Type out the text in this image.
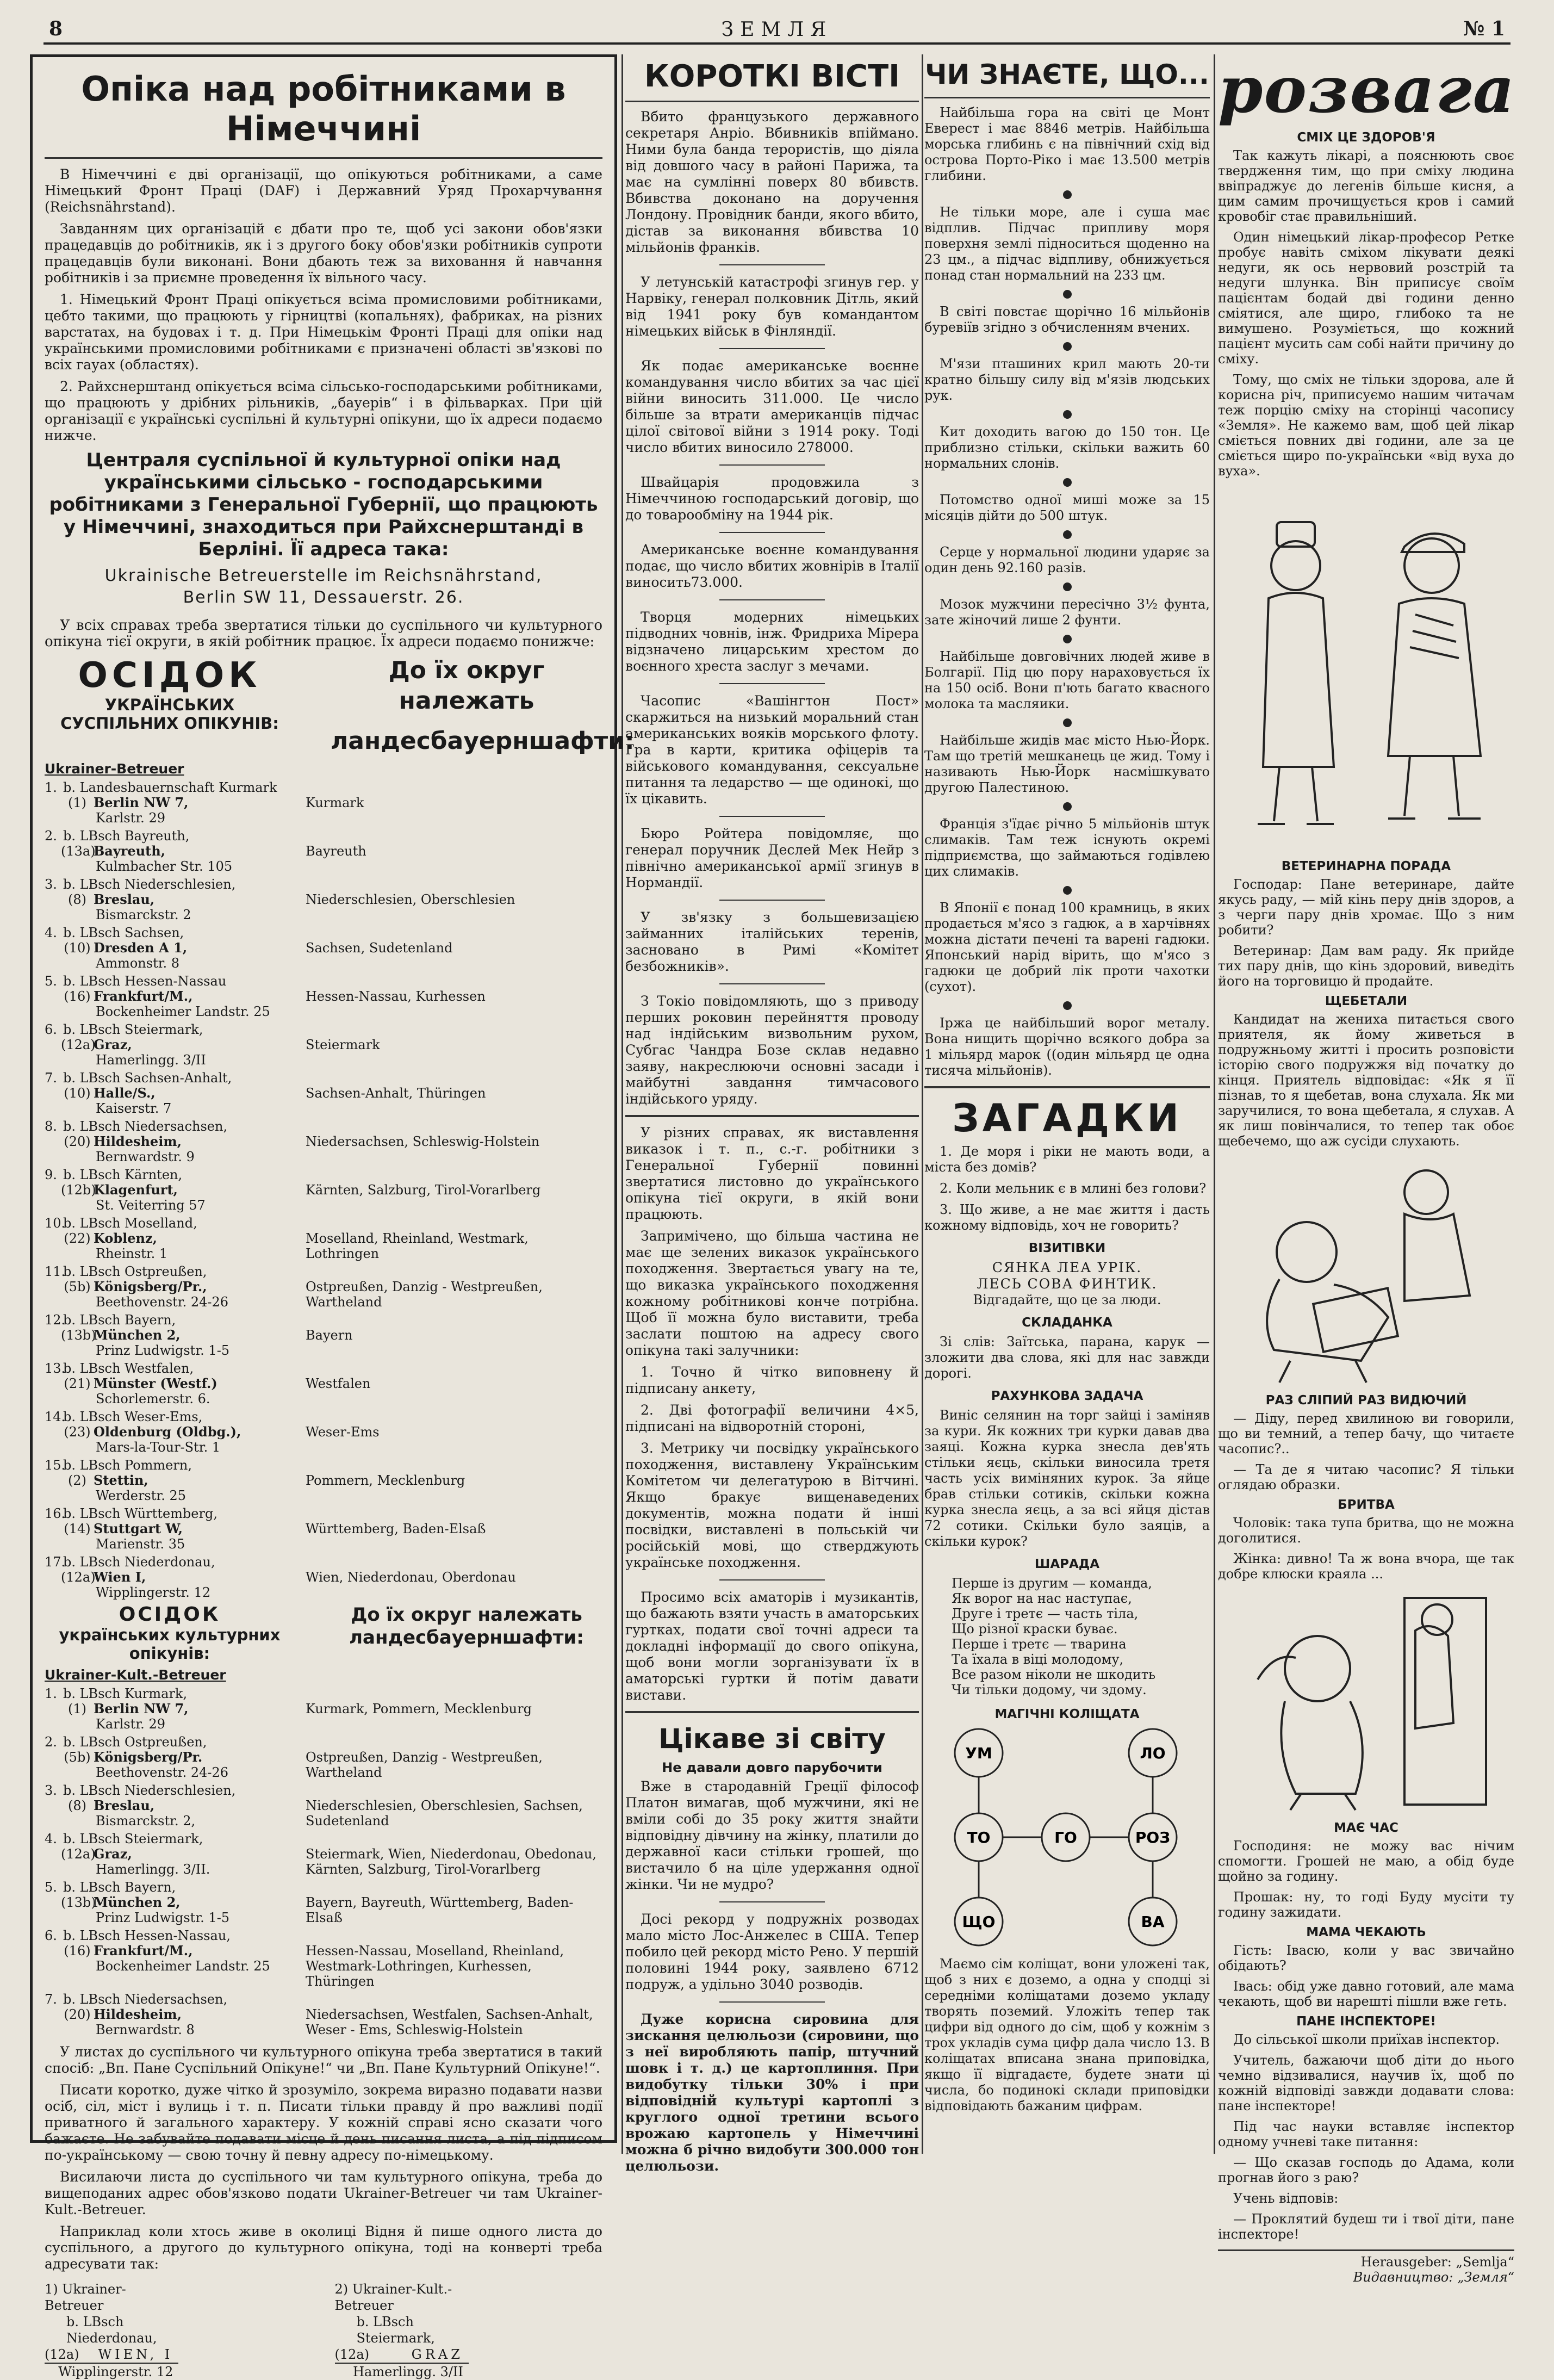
8	ЗЕМЛЯ	№ 1
Опіка над робітниками в Німеччині

В Німеччині є дві організації, що опікуються робітниками, а саме Німецький Фронт Праці (DAF) і Державний Уряд Прохарчування (Reichsnährstand).

Завданням цих організацій є дбати про те, щоб усі закони обов'язки працедавців до робітників, як і з другого боку обов'язки робітників супроти працедавців були виконані. Вони дбають теж за виховання й навчання робітників і за приємне проведення їх вільного часу.

1. Німецький Фронт Праці опікується всіма промисловими робітниками, цебто такими, що працюють у гірництві (копальнях), фабриках, на різних варстатах, на будовах і т. д. При Німецькім Фронті Праці для опіки над українськими промисловими робітниками є призначені області зв'язкові по всіх гауах (областях).

2. Райхснерштанд опікується всіма сільсько-господарськими робітниками, що працюють у дрібних рільників, „бауерів“ і в фільварках. При цій організації є українські суспільні й культурні опікуни, що їх адреси подаємо нижче.

Централя суспільної й культурної опіки над українськими сільсько - господарськими робітниками з Генеральної Губернії, що працюють у Німеччині, знаходиться при Райхснерштанді в Берліні. Її адреса така:
Ukrainische Betreuerstelle im Reichsnährstand,
Berlin SW 11, Dessauerstr. 26.

У всіх справах треба звертатися тільки до суспільного чи культурного опікуна тієї округи, в якій робітник працює. Їх адреси подаємо понижче:

ОСІДОК
УКРАЇНСЬКИХ СУСПІЛЬНИХ ОПІКУНІВ:
До їх округ належать
ландесбауерншафти:
Ukrainer-Betreuer
1. b. Landesbauernschaft Kurmark
(1) Berlin NW 7,
Karlstr. 29
Kurmark
2. b. LBsch Bayreuth,
(13a)Bayreuth,
Kulmbacher Str. 105
Bayreuth
3. b. LBsch Niederschlesien,
(8) Breslau,
Bismarckstr. 2
Niederschlesien, Oberschlesien
4. b. LBsch Sachsen,
(10) Dresden A 1,
Ammonstr. 8
Sachsen, Sudetenland
5. b. LBsch Hessen-Nassau
(16) Frankfurt/M.,
Bockenheimer Landstr. 25
Hessen-Nassau, Kurhessen
6. b. LBsch Steiermark,
(12a)Graz,
Hamerlingg. 3/II
Steiermark
7. b. LBsch Sachsen-Anhalt,
(10) Halle/S.,
Kaiserstr. 7
Sachsen-Anhalt, Thüringen
8. b. LBsch Niedersachsen,
(20) Hildesheim,
Bernwardstr. 9
Niedersachsen, Schleswig-Holstein
9. b. LBsch Kärnten,
(12b)Klagenfurt,
St. Veiterring 57
Kärnten, Salzburg, Tirol-Vorarlberg
10.b. LBsch Moselland,
(22) Koblenz,
Rheinstr. 1
Moselland, Rheinland, Westmark, Lothringen
11.b. LBsch Ostpreußen,
(5b) Königsberg/Pr.,
Beethovenstr. 24-26
Ostpreußen, Danzig - Westpreußen, Wartheland
12.b. LBsch Bayern,
(13b)München 2,
Prinz Ludwigstr. 1-5
Bayern
13.b. LBsch Westfalen,
(21) Münster (Westf.)
Schorlemerstr. 6.
Westfalen
14.b. LBsch Weser-Ems,
(23) Oldenburg (Oldbg.),
Mars-la-Tour-Str. 1
Weser-Ems
15.b. LBsch Pommern,
(2) Stettin,
Werderstr. 25
Pommern, Mecklenburg
16.b. LBsch Württemberg,
(14) Stuttgart W,
Marienstr. 35
Württemberg, Baden-Elsaß
17.b. LBsch Niederdonau,
(12a)Wien I,
Wipplingerstr. 12
Wien, Niederdonau, Oberdonau
ОСІДОК
українських культурних опікунів:
До їх округ належать ландесбауерншафти:
Ukrainer-Kult.-Betreuer
1. b. LBsch Kurmark,
(1) Berlin NW 7,
Karlstr. 29
Kurmark, Pommern, Mecklenburg
2. b. LBsch Ostpreußen,
(5b) Königsberg/Pr.
Beethovenstr. 24-26
Ostpreußen, Danzig - Westpreußen, Wartheland
3. b. LBsch Niederschlesien,
(8) Breslau,
Bismarckstr. 2,
Niederschlesien, Oberschlesien, Sachsen, Sudetenland
4. b. LBsch Steiermark,
(12a)Graz,
Hamerlingg. 3/II.
Steiermark, Wien, Niederdonau, Obedonau, Kärnten, Salzburg, Tirol-Vorarlberg
5. b. LBsch Bayern,
(13b)München 2,
Prinz Ludwigstr. 1-5
Bayern, Bayreuth, Württemberg, Baden-Elsaß
6. b. LBsch Hessen-Nassau,
(16) Frankfurt/M.,
Bockenheimer Landstr. 25
Hessen-Nassau, Moselland, Rheinland, Westmark-Lothringen, Kurhessen, Thüringen
7. b. LBsch Niedersachsen,
(20) Hildesheim,
Bernwardstr. 8
Niedersachsen, Westfalen, Sachsen-Anhalt, Weser - Ems, Schleswig-Holstein

У листах до суспільного чи культурного опікуна треба звертатися в такий спосіб: „Вп. Пане Суспільний Опікуне!“ чи „Вп. Пане Культурний Опікуне!“.

Писати коротко, дуже чітко й зрозуміло, зокрема виразно подавати назви осіб, сіл, міст і вулиць і т. п. Писати тільки правду й про важливі події приватного й загального характеру. У кожній справі ясно сказати чого бажаєте. Не забувайте подавати місце й день писання листа, а під підписом по-українському — свою точну й певну адресу по-німецькому.

Висилаючи листа до суспільного чи там культурного опікуна, треба до вищеподаних адрес обов'язково подати Ukrainer-Betreuer чи там Ukrainer-Kult.-Betreuer.

Наприклад коли хтось живе в околиці Відня й пише одного листа до суспільного, а другого до культурного опікуна, тоді на конверті треба адресувати так:

1) Ukrainer-Betreuer
b. LBsch Niederdonau,
(12a) WIEN, I
Wipplingerstr. 12
2) Ukrainer-Kult.-Betreuer
b. LBsch Steiermark,
(12a)	GRAZ
Hamerlingg. 3/II
КОРОТКІ ВІСТІ

Вбито французького державного секретаря Анріо. Вбивників впіймано. Ними була банда терористів, що діяла від довшого часу в районі Парижа, та має на сумлінні поверх 80 вбивств. Вбивства доконано на доручення Лондону. Провідник банди, якого вбито, дістав за виконання вбивства 10 мільйонів франків.

У летунській катастрофі згинув гер. у Нарвіку, генерал полковник Дітль, який від 1941 року був командантом німецьких військ в Фінляндії.

Як подає американське воєнне командування число вбитих за час цієї війни виносить 311.000. Це число більше за втрати американців підчас цілої світової війни з 1914 року. Тоді число вбитих виносило 278000.

Швайцарія продовжила з Німеччиною господарський договір, що до товарообміну на 1944 рік.

Американське воєнне командування подає, що число вбитих жовнірів в Італії виносить73.000.

Творця модерних німецьких підводних човнів, інж. Фридриха Мірера відзначено лицарським хрестом до воєнного хреста заслуг з мечами.

Часопис «Вашінгтон Пост» скаржиться на низький моральний стан американських вояків морського флоту. Гра в карти, критика офіцерів та військового командування, сексуальне питання та ледарство — ще одинокі, що їх цікавить.

Бюро Ройтера повідомляє, що генерал поручник Деслей Мек Нейр з північно американської армії згинув в Нормандії.

У зв'язку з большевизацією займанних італійських теренів, засновано в Римі «Комітет безбожників».

З Токіо повідомляють, що з приводу перших роковин перейняття проводу над індійським визвольним рухом, Субгас Чандра Бозе склав недавно заяву, накреслюючи основні засади і майбутні завдання тимчасового індійського уряду.

У різних справах, як виставлення виказок і т. п., с.-г. робітники з Генеральної Губернії повинні звертатися листовно до українського опікуна тієї округи, в якій вони працюють.

Запримічено, що більша частина не має ще зелених виказок українського походження. Звертається увагу на те, що виказка українського походження кожному робітникові конче потрібна. Щоб її можна було виставити, треба заслати поштою на адресу свого опікуна такі залучники:

1. Точно й чітко виповнену й підписану анкету,

2. Дві фотографії величини 4×5, підписані на відворотній стороні,

3. Метрику чи посвідку українського походження, виставлену Українським Комітетом чи делегатурою в Вітчині. Якщо бракує вищенаведених документів, можна подати й інші посвідки, виставлені в польській чи російській мові, що стверджують українське походження.

Просимо всіх аматорів і музикантів, що бажають взяти участь в аматорських гуртках, подати свої точні адреси та докладні інформації до свого опікуна, щоб вони могли зорганізувати їх в аматорські гуртки й потім давати вистави.

Цікаве зі світу
Не давали довго парубочити

Вже в стародавній Греції філософ Платон вимагав, щоб мужчини, які не вміли собі до 35 року життя знайти відповідну дівчину на жінку, платили до державної каси стільки грошей, що вистачило б на ціле удержання одної жінки. Чи не мудро?

Досі рекорд у подружніх розводах мало місто Лос-Анжелес в США. Тепер побило цей рекорд місто Рено. У першій половині 1944 року, заявлено 6712 подруж, а удільно 3040 розводів.

Дуже корисна сировина для зискання целюльози (сировини, що з неї виробляють папір, штучний шовк і т. д.) це картоплиння. При видобутку тільки 30% і при відповідній культурі картоплі з круглого одної третини всього врожаю картопель у Німеччині можна б річно видобути 300.000 тон целюльози.

ЧИ ЗНАЄТЕ, ЩО...

Найбільша гора на світі це Монт Еверест і має 8846 метрів. Найбільша морська глибинь є на північний схід від острова Порто-Ріко і має 13.500 метрів глибини.

Не тільки море, але і суша має відплив. Підчас припливу моря поверхня землі підноситься щоденно на 23 цм., а підчас відпливу, обнижується понад стан нормальний на 233 цм.

В світі повстає щорічно 16 мільйонів буревіїв згідно з обчисленням вчених.

М'язи пташиних крил мають 20-ти кратно більшу силу від м'язів людських рук.

Кит доходить вагою до 150 тон. Це приблизно стільки, скільки важить 60 нормальних слонів.

Потомство одної миші може за 15 місяців дійти до 500 штук.

Серце у нормальної людини ударяє за один день 92.160 разів.

Мозок мужчини пересічно 3½ фунта, зате жіночий лише 2 фунти.

Найбільше довговічних людей живе в Болгарії. Під цю пору нараховується їх на 150 осіб. Вони п'ють багато квасного молока та масляики.

Найбільше жидів має місто Нью-Йорк. Там що третій мешканець це жид. Тому і називають Нью-Йорк насмішкувато другою Палестиною.

Франція з'їдає річно 5 мільйонів штук слимаків. Там теж існують окремі підприємства, що займаються годівлею цих слимаків.

В Японії є понад 100 крамниць, в яких продається м'ясо з гадюк, а в харчівнях можна дістати печені та варені гадюки. Японський нарід вірить, що м'ясо з гадюки це добрий лік проти чахотки (сухот).

Іржа це найбільший ворог металу. Вона нищить щорічно всякого добра за 1 мільярд марок ((один мільярд це одна тисяча мільйонів).

ЗАГАДКИ

1. Де моря і ріки не мають води, а міста без домів?

2. Коли мельник є в млині без голови?

3. Що живе, а не має життя і дасть кожному відповідь, хоч не говорить?

ВІЗИТІВКИ
СЯНКА ЛЕА УРІК.
ЛЕСЬ СОВА ФИНТИК.

Відгадайте, що це за люди.

СКЛАДАНКА

Зі слів: Заїтська, парана, карук — зложити два слова, які для нас завжди дорогі.

РАХУНКОВА ЗАДАЧА

Виніс селянин на торг зайці і заміняв за кури. Як кожних три курки давав два заяці. Кожна курка знесла дев'ять стільки яєць, скільки виносила третя часть усіх виміняних курок. За яйце брав стільки сотиків, скільки кожна курка знесла яєць, а за всі яйця дістав 72 сотики. Скільки було заяців, а скільки курок?

ШАРАДА
Перше із другим — команда,
Як ворог на нас наступає,
Друге і третє — часть тіла,
Що різної краски буває.
Перше і третє — тварина
Та їхала в віці молодому,
Все разом ніколи не шкодить
Чи тільки додому, чи здому.
МАГІЧНІ КОЛІЩАТА
УМ	ЛО
ТО	ГО	РОЗ
ЩО	ВА

Маємо сім коліщат, вони уложені так, щоб з них є доземо, а одна у сподці зі середніми коліщатами доземо укладу творять поземий. Уложіть тепер так цифри від одного до сім, щоб у кожнім з трох укладів сума цифр дала число 13. В коліщатах вписана знана приповідка, якщо її відгадаєте, будете знати ці числа, бо подинокі склади приповідки відповідають бажаним цифрам.

розвага
СМІХ ЦЕ ЗДОРОВ'Я

Так кажуть лікарі, а пояснюють своє твердження тим, що при сміху людина ввіпраджує до легенів більше кисня, а цим самим прочищується кров і самий кровобіг стає правильніший.

Один німецький лікар-професор Ретке пробує навіть сміхом лікувати деякі недуги, як ось нервовий розстрій та недуги шлунка. Він приписує своїм пацієнтам бодай дві години денно сміятися, але щиро, глибоко та не вимушено. Розуміється, що кожний пацієнт мусить сам собі найти причину до сміху.

Тому, що сміх не тільки здорова, але й корисна річ, приписуємо нашим читачам теж порцію сміху на сторінці часопису «Земля». Не кажемо вам, щоб цей лікар сміється повних дві години, але за це сміється щиро по-українськи «від вуха до вуха».

ВЕТЕРИНАРНА ПОРАДА

Господар: Пане ветеринаре, дайте якусь раду, — мій кінь перу днів здоров, а з черги пару днів хромає. Що з ним робити?

Ветеринар: Дам вам раду. Як прийде тих пару днів, що кінь здоровий, виведіть його на торговицю й продайте.

ЩЕБЕТАЛИ

Кандидат на жениха питається свого приятеля, як йому живеться в подружньому житті і просить розповісти історію свого подружжя від початку до кінця. Приятель відповідає: «Як я її пізнав, то я щебетав, вона слухала. Як ми заручилися, то вона щебетала, я слухав. А як лиш повінчалися, то тепер так обоє щебечемо, що аж сусіди слухають.

РАЗ СЛІПИЙ РАЗ ВИДЮЧИЙ

— Діду, перед хвилиною ви говорили, що ви темний, а тепер бачу, що читаєте часопис?..

— Та де я читаю часопис? Я тільки оглядаю образки.

БРИТВА

Чоловік: така тупа бритва, що не можна доголитися.

Жінка: дивно! Та ж вона вчора, ще так добре клюски краяла ...

МАЄ ЧАС

Господиня: не можу вас нічим спомогти. Грошей не маю, а обід буде щойно за годину.

Прошак: ну, то годі Буду мусіти ту годину зажидати.

МАМА ЧЕКАЮТЬ

Гість: Івасю, коли у вас звичайно обідають?

Івась: обід уже давно готовий, але мама чекають, щоб ви нарешті пішли вже геть.

ПАНЕ ІНСПЕКТОРЕ!

До сільської школи приїхав інспектор.

Учитель, бажаючи щоб діти до нього чемно відзивалися, научив їх, щоб по кожній відповіді завжди додавати слова: пане інспекторе!

Під час науки вставляє інспектор одному учневі таке питання:

— Що сказав господь до Адама, коли прогнав його з раю?

Учень відповів:

— Проклятий будеш ти і твої діти, пане інспекторе!

Herausgeber: „Semlja“
Видавництво: „Земля“
